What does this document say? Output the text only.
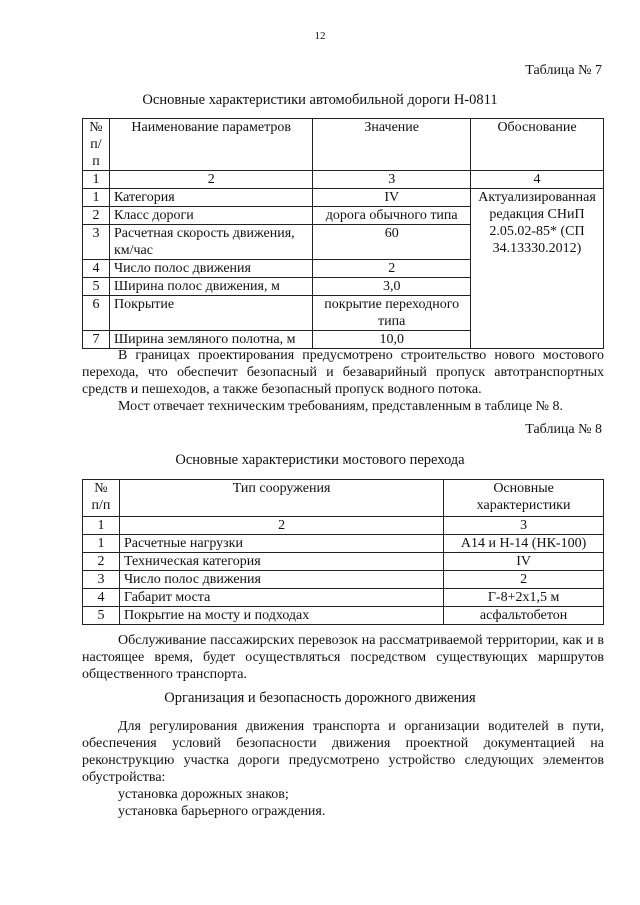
12
Таблица № 7
Основные характеристики автомобильной дороги Н-0811
№
п/п	Наименование параметров	Значение	Обоснование
1	2	3	4
1	Категория	IV	Актуализированная редакция СНиП 2.05.02-85* (СП 34.13330.2012)
2	Класс дороги	дорога обычного типа	
3	Расчетная скорость движения, км/час	60	
4	Число полос движения	2	
5	Ширина полос движения, м	3,0	
6	Покрытие	покрытие переходного типа	
7	Ширина земляного полотна, м	10,0	
В границах проектирования предусмотрено строительство нового мостового перехода, что обеспечит безопасный и безаварийный пропуск автотранспортных средств и пешеходов, а также безопасный пропуск водного потока.
Мост отвечает техническим требованиям, представленным в таблице № 8.
Таблица № 8
Основные характеристики мостового перехода
№
п/п	Тип сооружения	Основные характеристики
1	2	3
1	Расчетные нагрузки	А14 и Н-14 (НК-100)
2	Техническая категория	IV
3	Число полос движения	2
4	Габарит моста	Г-8+2х1,5 м
5	Покрытие на мосту и подходах	асфальтобетон
Обслуживание пассажирских перевозок на рассматриваемой территории, как и в настоящее время, будет осуществляться посредством существующих маршрутов общественного транспорта.
Организация и безопасность дорожного движения
Для регулирования движения транспорта и организации водителей в пути, обеспечения условий безопасности движения проектной документацией на реконструкцию участка дороги предусмотрено устройство следующих элементов обустройства:
установка дорожных знаков;
установка барьерного ограждения.
